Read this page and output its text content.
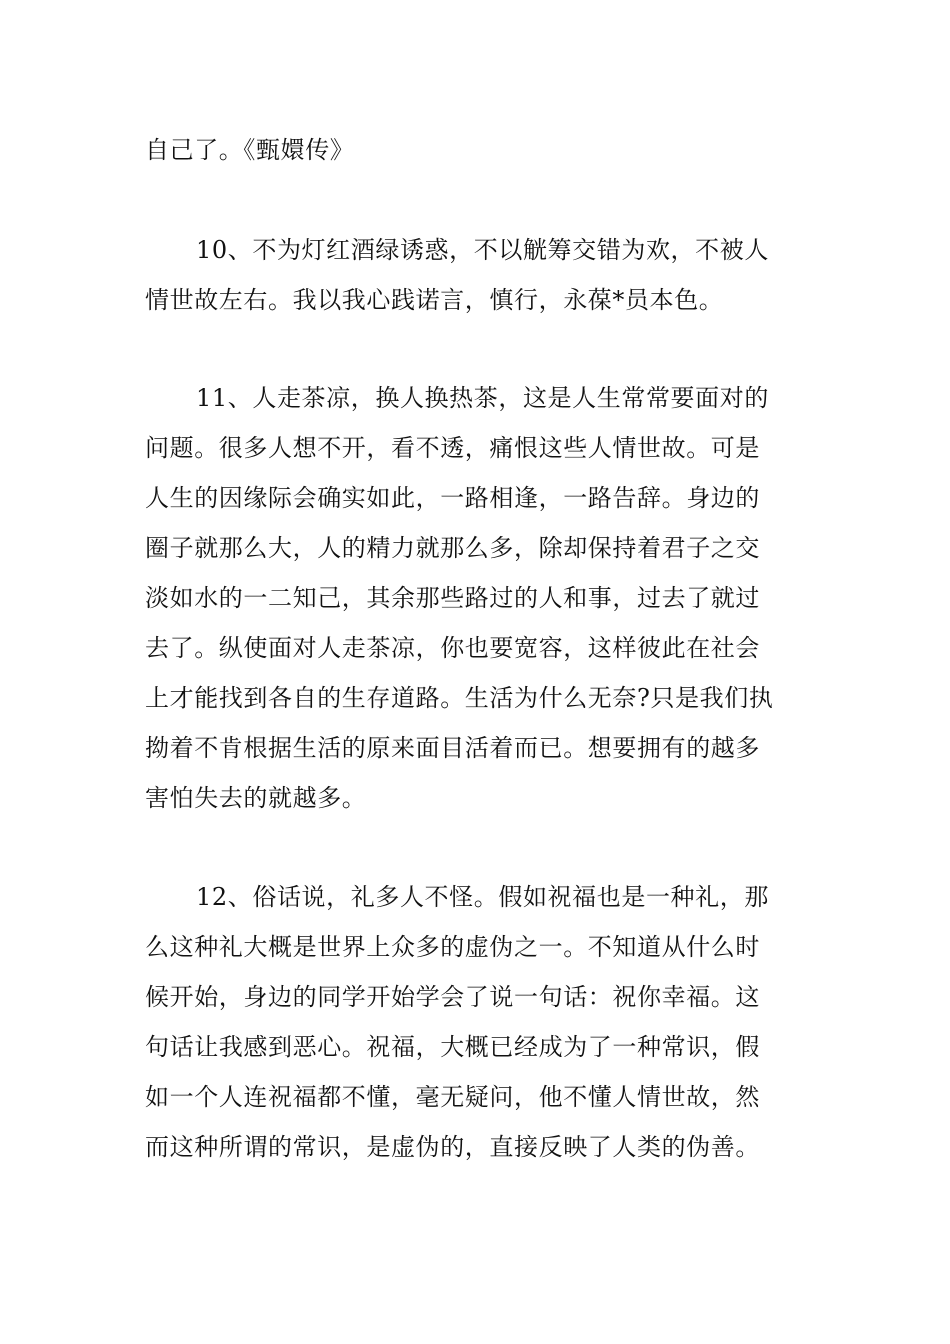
自己了。《甄嬛传》
10、不为灯红酒绿诱惑，不以觥筹交错为欢，不被人
情世故左右。我以我心践诺言，慎行，永葆*员本色。
11、人走茶凉，换人换热茶，这是人生常常要面对的
问题。很多人想不开，看不透，痛恨这些人情世故。可是
人生的因缘际会确实如此，一路相逢，一路告辞。身边的
圈子就那么大，人的精力就那么多，除却保持着君子之交
淡如水的一二知己，其余那些路过的人和事，过去了就过
去了。纵使面对人走茶凉，你也要宽容，这样彼此在社会
上才能找到各自的生存道路。生活为什么无奈?只是我们执
拗着不肯根据生活的原来面目活着而已。想要拥有的越多
害怕失去的就越多。
12、俗话说，礼多人不怪。假如祝福也是一种礼，那
么这种礼大概是世界上众多的虚伪之一。不知道从什么时
候开始，身边的同学开始学会了说一句话：祝你幸福。这
句话让我感到恶心。祝福，大概已经成为了一种常识，假
如一个人连祝福都不懂，毫无疑问，他不懂人情世故，然
而这种所谓的常识，是虚伪的，直接反映了人类的伪善。
